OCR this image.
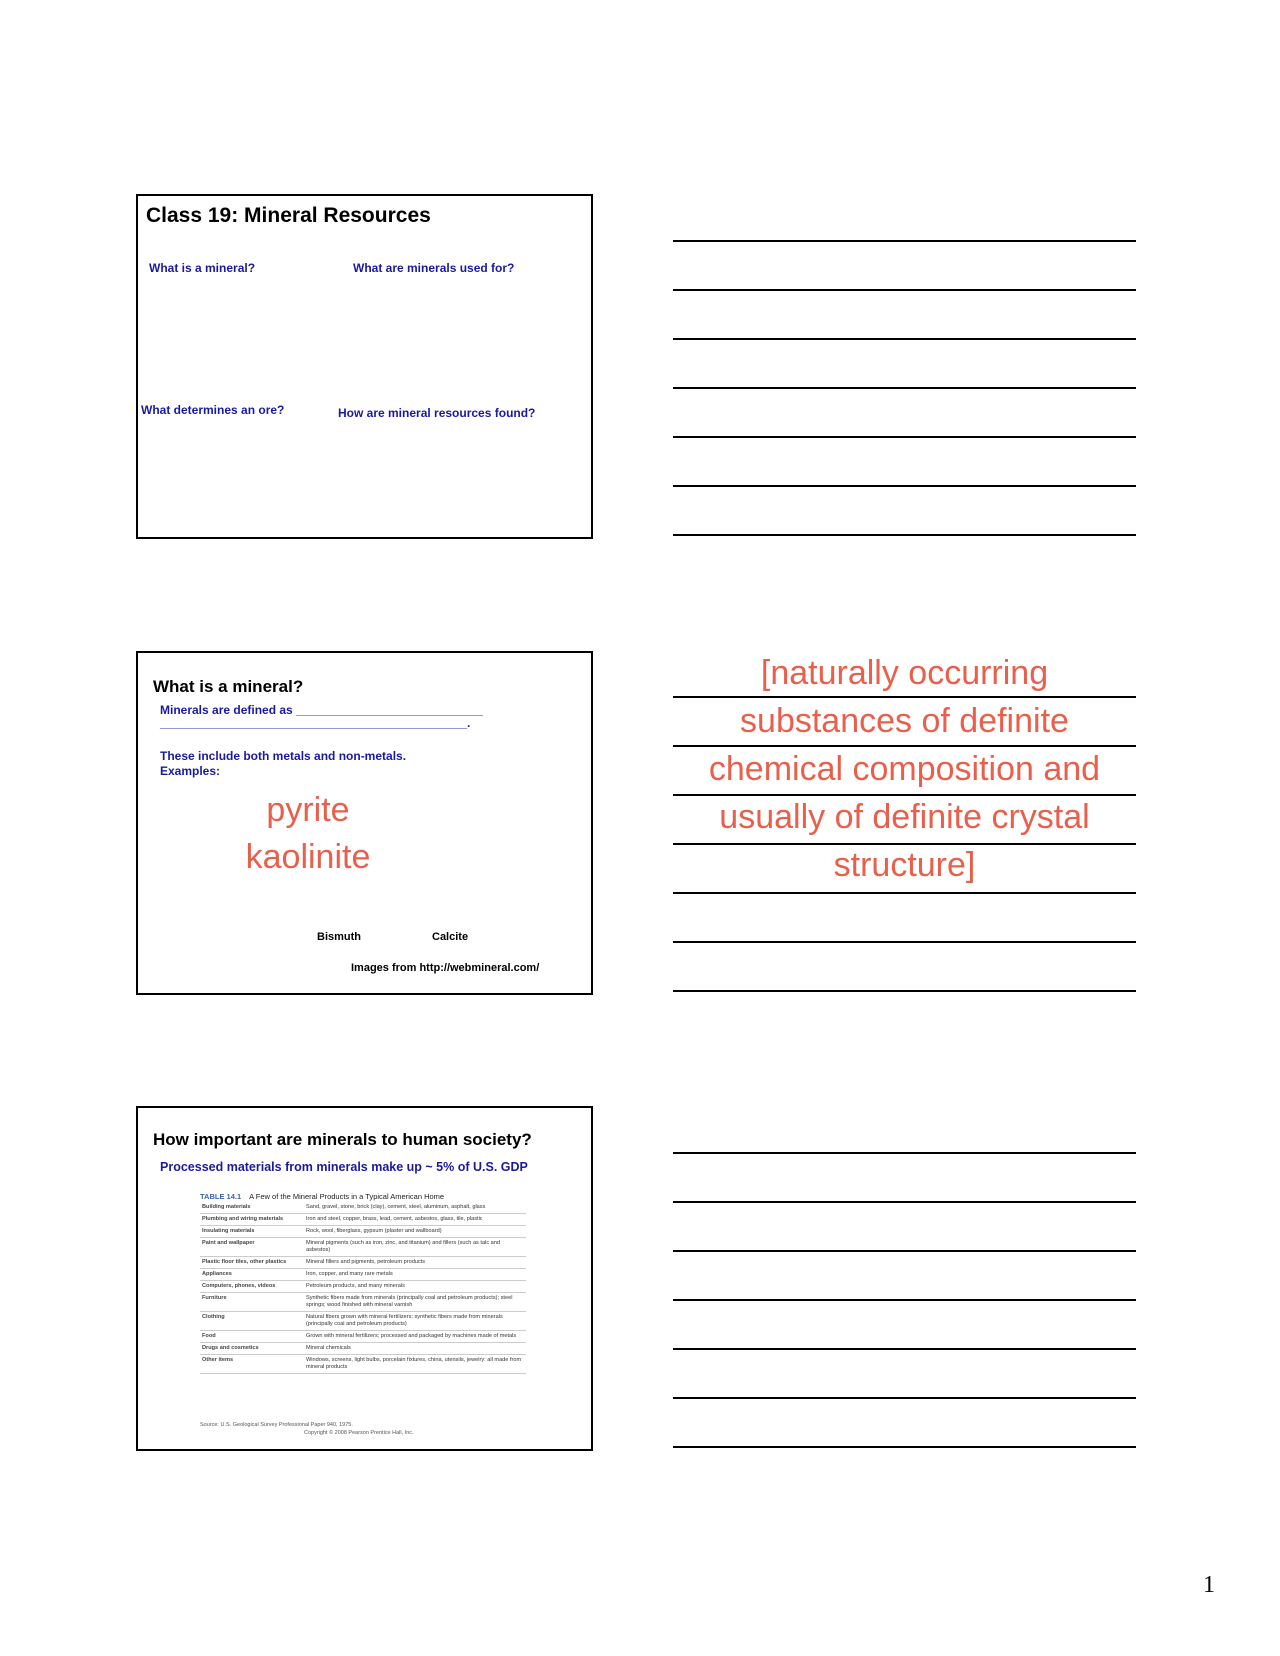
Class 19: Mineral Resources
What is a mineral?	What are minerals used for?
What determines an ore?	How are mineral resources found?
What is a mineral?
Minerals are defined as ____________________________
______________________________________________.
These include both metals and non-metals.
Examples:
pyrite
kaolinite
Bismuth	Calcite
Images from http://webmineral.com/
[naturally occurring
substances of definite
chemical composition and
usually of definite crystal
structure]
How important are minerals to human society?
Processed materials from minerals make up ~ 5% of U.S. GDP
TABLE 14.1 A Few of the Mineral Products in a Typical American Home
Building materials	Sand, gravel, stone, brick (clay), cement, steel, aluminum, asphalt, glass
Plumbing and wiring materials	Iron and steel, copper, brass, lead, cement, asbestos, glass, tile, plastic
Insulating materials	Rock, wool, fiberglass, gypsum (plaster and wallboard)
Paint and wallpaper	Mineral pigments (such as iron, zinc, and titanium) and fillers (such as talc and asbestos)
Plastic floor tiles, other plastics	Mineral fillers and pigments, petroleum products
Appliances	Iron, copper, and many rare metals
Computers, phones, videos	Petroleum products, and many minerals
Furniture	Synthetic fibers made from minerals (principally coal and petroleum products); steel springs; wood finished with mineral varnish
Clothing	Natural fibers grown with mineral fertilizers; synthetic fibers made from minerals (principally coal and petroleum products)
Food	Grown with mineral fertilizers; processed and packaged by machines made of metals
Drugs and cosmetics	Mineral chemicals
Other items	Windows, screens, light bulbs, porcelain fixtures, china, utensils, jewelry: all made from mineral products
Source: U.S. Geological Survey Professional Paper 940, 1975.
Copyright © 2008 Pearson Prentice Hall, Inc.
1
